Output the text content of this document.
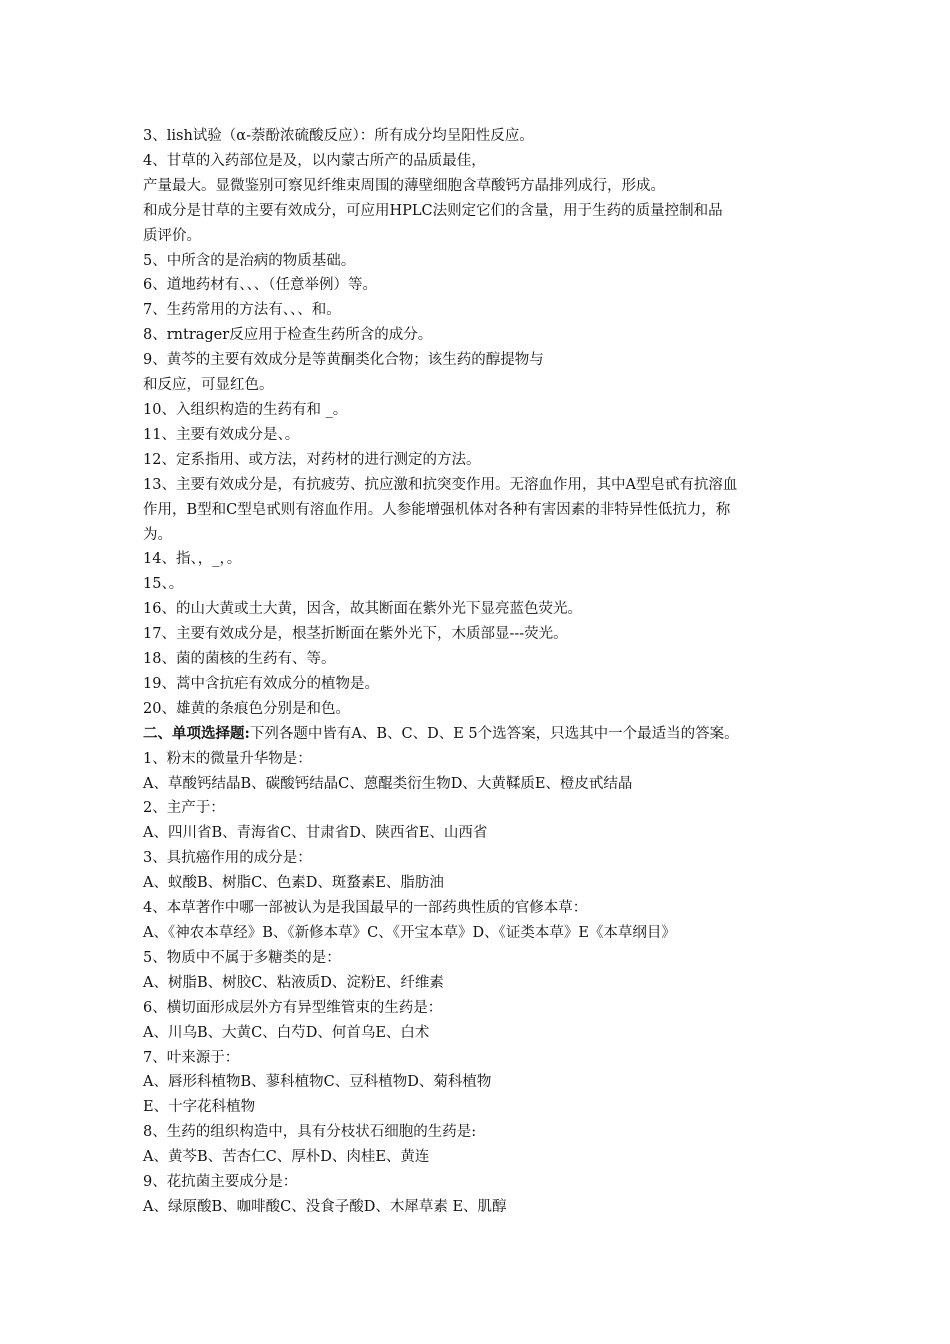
3、lish试验（α-萘酚浓硫酸反应）：所有成分均呈阳性反应。
4、甘草的入药部位是及，以内蒙古所产的品质最佳，
产量最大。显微鉴别可察见纤维束周围的薄壁细胞含草酸钙方晶排列成行，形成。
和成分是甘草的主要有效成分，可应用HPLC法则定它们的含量，用于生药的质量控制和品
质评价。
5、中所含的是治病的物质基础。
6、道地药材有、、、（任意举例）等。
7、生药常用的方法有、、、和。
8、rntrager反应用于检查生药所含的成分。
9、黄芩的主要有效成分是等黄酮类化合物；该生药的醇提物与
和反应，可显红色。
10、入组织构造的生药有和 _。
11、主要有效成分是、。
12、定系指用、或方法，对药材的进行测定的方法。
13、主要有效成分是，有抗疲劳、抗应激和抗突变作用。无溶血作用，其中A型皂甙有抗溶血
作用，B型和C型皂甙则有溶血作用。人参能增强机体对各种有害因素的非特异性低抗力，称
为。
14、指、，_，。
15、。
16、的山大黄或土大黄，因含，故其断面在紫外光下显亮蓝色荧光。
17、主要有效成分是，根茎折断面在紫外光下，木质部显---荧光。
18、菌的菌核的生药有、等。
19、蒿中含抗疟有效成分的植物是。
20、雄黄的条痕色分别是和色。
二、单项选择题:下列各题中皆有A、B、C、D、E 5个选答案，只选其中一个最适当的答案。
1、粉末的微量升华物是：
A、草酸钙结晶B、碳酸钙结晶C、蒽醌类衍生物D、大黄鞣质E、橙皮甙结晶
2、主产于：
A、四川省B、青海省C、甘肃省D、陕西省E、山西省
3、具抗癌作用的成分是：
A、蚁酸B、树脂C、色素D、斑蝥素E、脂肪油
4、本草著作中哪一部被认为是我国最早的一部药典性质的官修本草：
A、《神农本草经》B、《新修本草》C、《开宝本草》D、《证类本草》E《本草纲目》
5、物质中不属于多糖类的是：
A、树脂B、树胶C、粘液质D、淀粉E、纤维素
6、横切面形成层外方有异型维管束的生药是：
A、川乌B、大黄C、白芍D、何首乌E、白术
7、叶来源于：
A、唇形科植物B、蓼科植物C、豆科植物D、菊科植物
E、十字花科植物
8、生药的组织构造中，具有分枝状石细胞的生药是:
A、黄芩B、苦杏仁C、厚朴D、肉桂E、黄连
9、花抗菌主要成分是：
A、绿原酸B、咖啡酸C、没食子酸D、木犀草素 E、肌醇
